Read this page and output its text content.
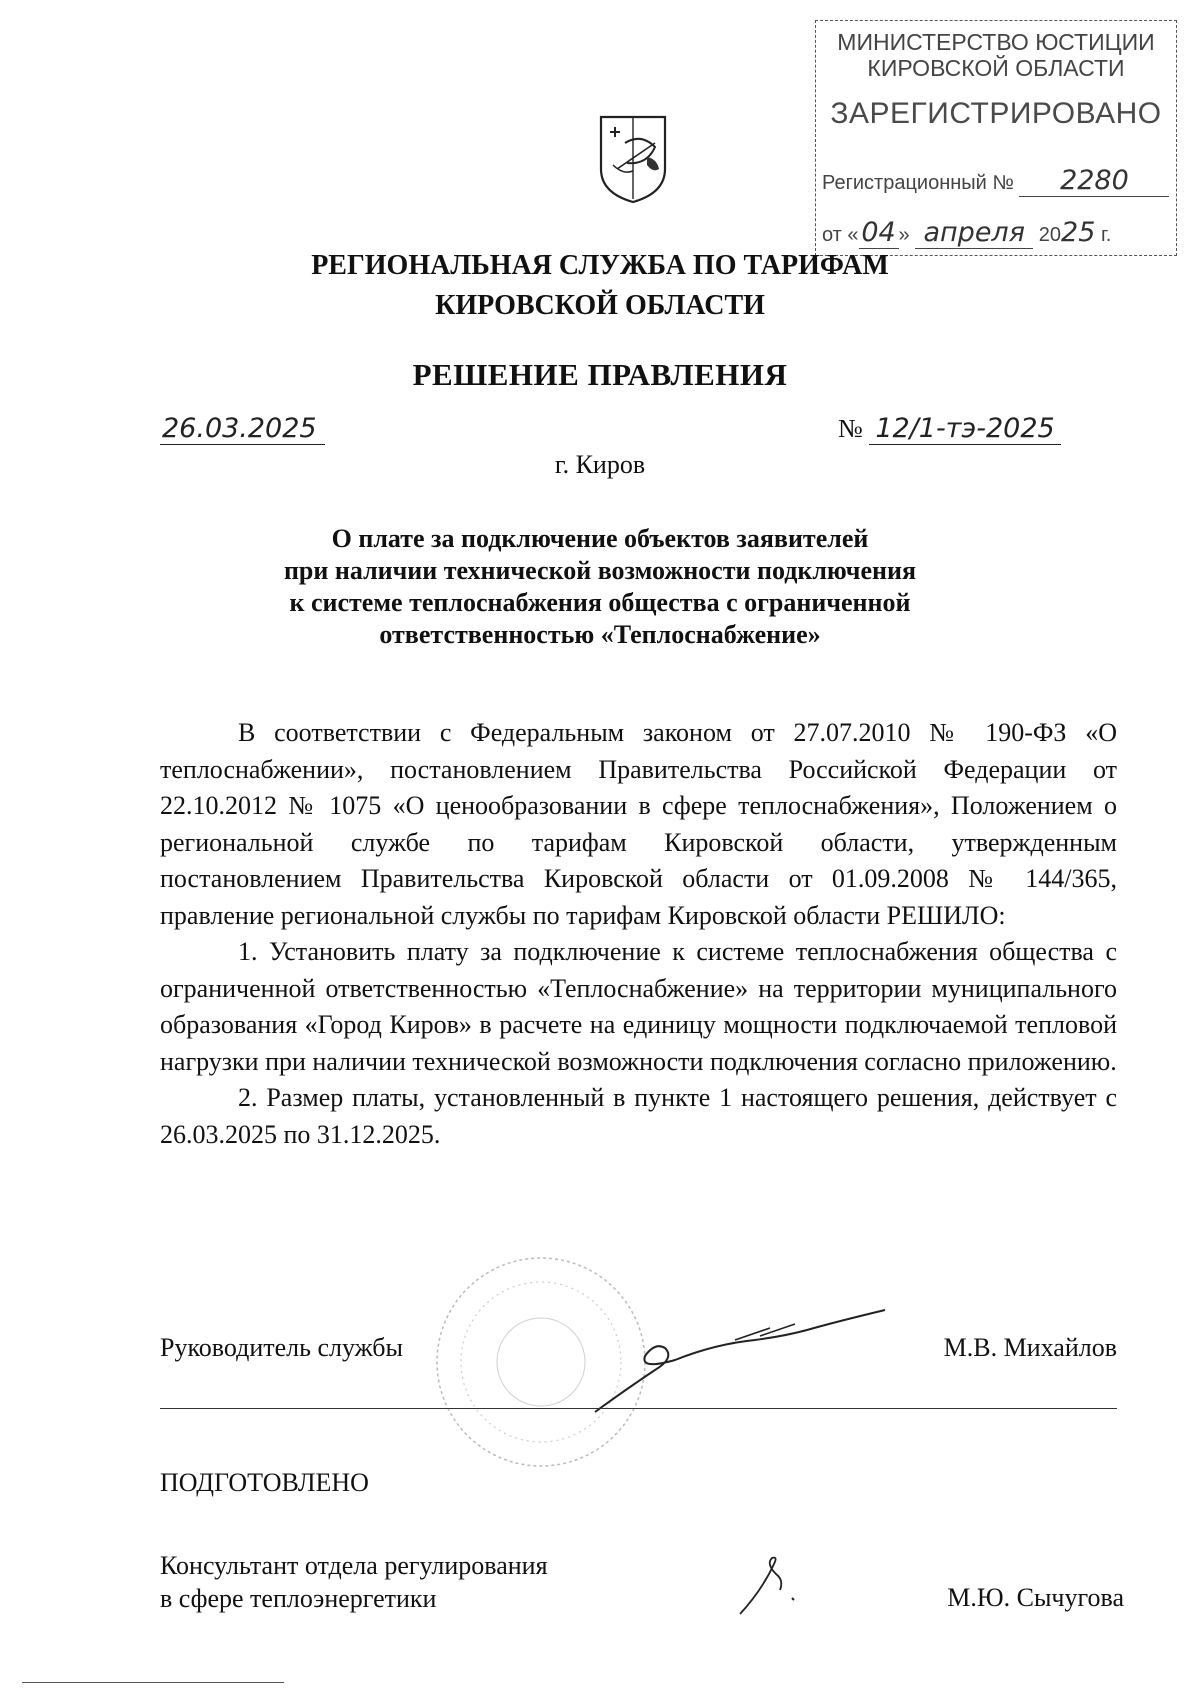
МИНИСТЕРСТВО ЮСТИЦИИ
КИРОВСКОЙ ОБЛАСТИ
ЗАРЕГИСТРИРОВАНО
Регистрационный № 2280
от « 04 » апреля 2025 г.
РЕГИОНАЛЬНАЯ СЛУЖБА ПО ТАРИФАМ
КИРОВСКОЙ ОБЛАСТИ
РЕШЕНИЕ ПРАВЛЕНИЯ
26.03.2025	№ 12/1-тэ-2025
г. Киров
О плате за подключение объектов заявителей
при наличии технической возможности подключения
к системе теплоснабжения общества с ограниченной
ответственностью «Теплоснабжение»

В соответствии с Федеральным законом от 27.07.2010 № 190-ФЗ «О теплоснабжении», постановлением Правительства Российской Федерации от 22.10.2012 № 1075 «О ценообразовании в сфере теплоснабжения», Положением о региональной службе по тарифам Кировской области, утвержденным постановлением Правительства Кировской области от 01.09.2008 № 144/365, правление региональной службы по тарифам Кировской области РЕШИЛО:

1. Установить плату за подключение к системе теплоснабжения общества с ограниченной ответственностью «Теплоснабжение» на территории муниципального образования «Город Киров» в расчете на единицу мощности подключаемой тепловой нагрузки при наличии технической возможности подключения согласно приложению.

2. Размер платы, установленный в пункте 1 настоящего решения, действует с 26.03.2025 по 31.12.2025.

Руководитель службы	М.В. Михайлов
ПОДГОТОВЛЕНО
Консультант отдела регулирования
в сфере теплоэнергетики	М.Ю. Сычугова
